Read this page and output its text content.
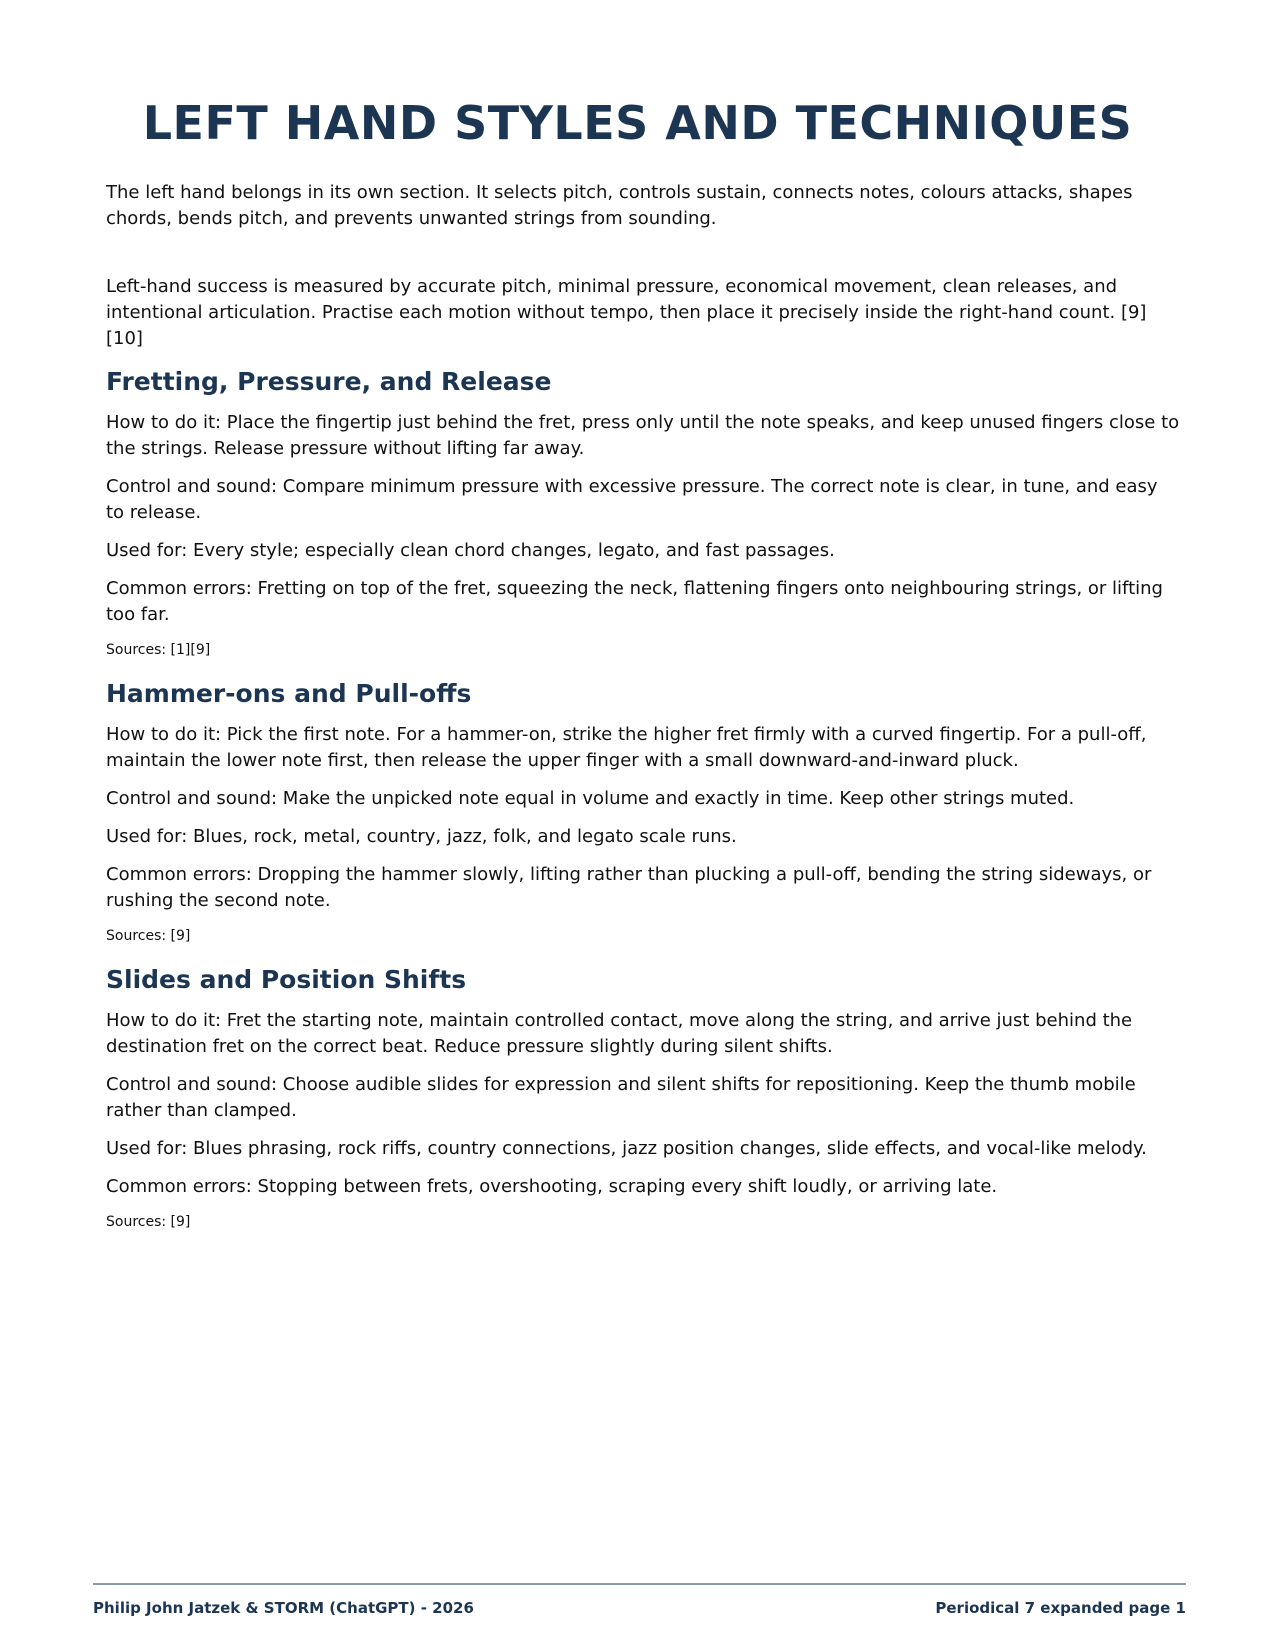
LEFT HAND STYLES AND TECHNIQUES

The left hand belongs in its own section. It selects pitch, controls sustain, connects notes, colours attacks, shapes chords, bends pitch, and prevents unwanted strings from sounding.

Left-hand success is measured by accurate pitch, minimal pressure, economical movement, clean releases, and intentional articulation. Practise each motion without tempo, then place it precisely inside the right-hand count. [9][10]

Fretting, Pressure, and Release

How to do it: Place the fingertip just behind the fret, press only until the note speaks, and keep unused fingers close to the strings. Release pressure without lifting far away.

Control and sound: Compare minimum pressure with excessive pressure. The correct note is clear, in tune, and easy to release.

Used for: Every style; especially clean chord changes, legato, and fast passages.

Common errors: Fretting on top of the fret, squeezing the neck, flattening fingers onto neighbouring strings, or lifting too far.

Sources: [1][9]

Hammer-ons and Pull-offs

How to do it: Pick the first note. For a hammer-on, strike the higher fret firmly with a curved fingertip. For a pull-off, maintain the lower note first, then release the upper finger with a small downward-and-inward pluck.

Control and sound: Make the unpicked note equal in volume and exactly in time. Keep other strings muted.

Used for: Blues, rock, metal, country, jazz, folk, and legato scale runs.

Common errors: Dropping the hammer slowly, lifting rather than plucking a pull-off, bending the string sideways, or rushing the second note.

Sources: [9]

Slides and Position Shifts

How to do it: Fret the starting note, maintain controlled contact, move along the string, and arrive just behind the destination fret on the correct beat. Reduce pressure slightly during silent shifts.

Control and sound: Choose audible slides for expression and silent shifts for repositioning. Keep the thumb mobile rather than clamped.

Used for: Blues phrasing, rock riffs, country connections, jazz position changes, slide effects, and vocal-like melody.

Common errors: Stopping between frets, overshooting, scraping every shift loudly, or arriving late.

Sources: [9]

Philip John Jatzek & STORM (ChatGPT) - 2026	Periodical 7 expanded page 1
